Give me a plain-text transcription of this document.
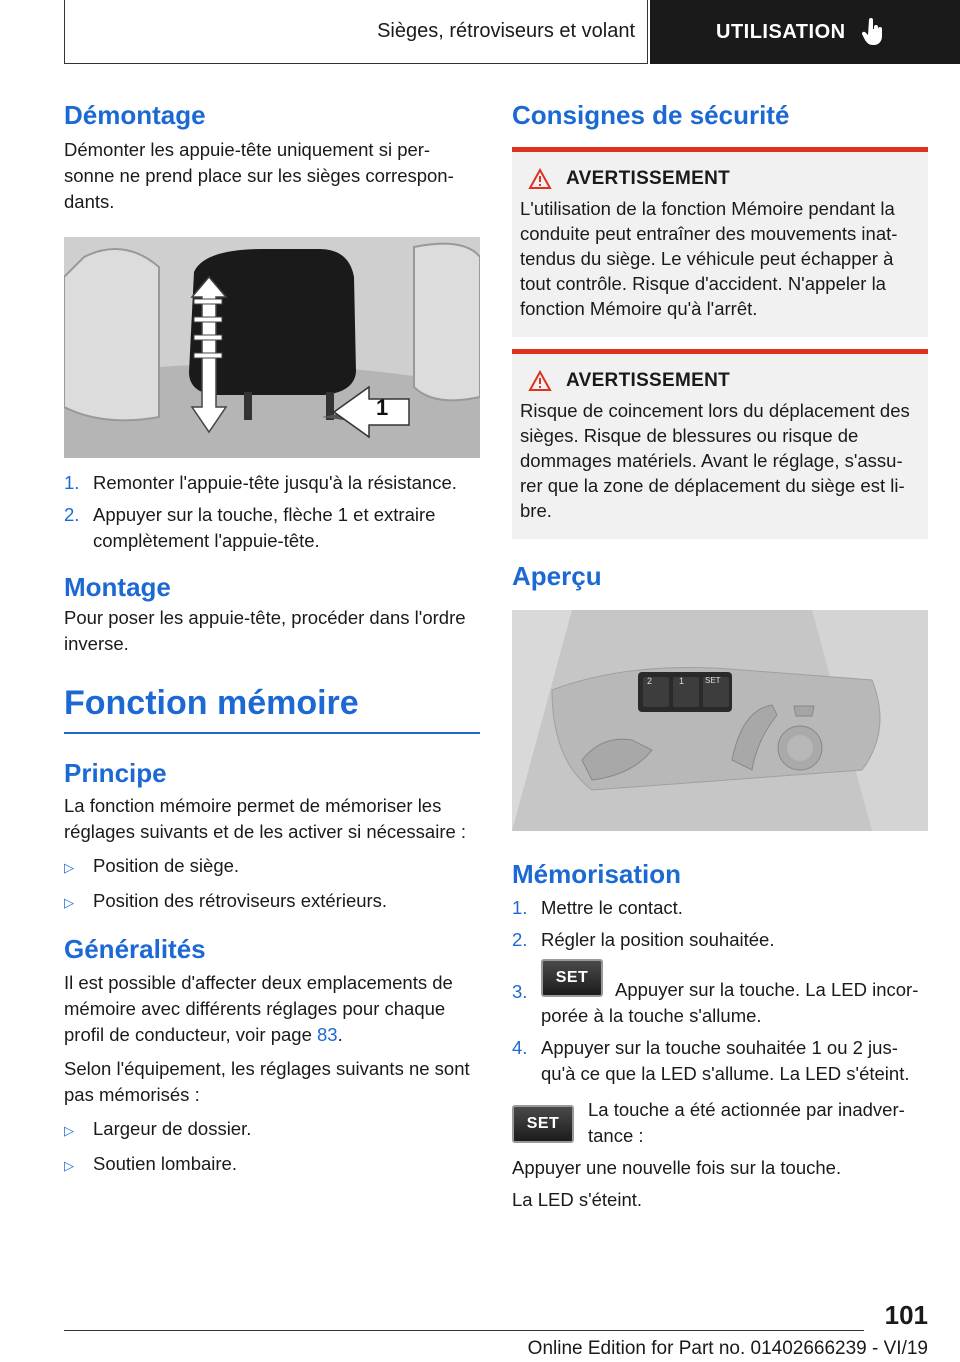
Sièges, rétroviseurs et volant	UTILISATION
Démontage

Démonter les appuie-tête uniquement si per-sonne ne prend place sur les sièges correspon-dants.

1
1. Remonter l'appuie-tête jusqu'à la résistance.
2. Appuyer sur la touche, flèche 1 et extraire complètement l'appuie-tête.
Montage

Pour poser les appuie-tête, procéder dans l'ordre inverse.

Fonction mémoire
Principe

La fonction mémoire permet de mémoriser les réglages suivants et de les activer si nécessaire :

▷	Position de siège.
▷	Position des rétroviseurs extérieurs.
Généralités

Il est possible d'affecter deux emplacements de mémoire avec différents réglages pour chaque profil de conducteur, voir page 83.

Selon l'équipement, les réglages suivants ne sont pas mémorisés :

▷	Largeur de dossier.
▷	Soutien lombaire.
Consignes de sécurité
AVERTISSEMENT

L'utilisation de la fonction Mémoire pendant la conduite peut entraîner des mouvements inat-tendus du siège. Le véhicule peut échapper à tout contrôle. Risque d'accident. N'appeler la fonction Mémoire qu'à l'arrêt.

AVERTISSEMENT

Risque de coincement lors du déplacement des sièges. Risque de blessures ou risque de dommages matériels. Avant le réglage, s'assu-rer que la zone de déplacement du siège est li-bre.

Aperçu
2	1	SET
Mémorisation
1. Mettre le contact.
2. Régler la position souhaitée.
3.
SET
Appuyer sur la touche. La LED incor-porée à la touche s'allume.
4. Appuyer sur la touche souhaitée 1 ou 2 jus-qu'à ce que la LED s'allume. La LED s'éteint.
SET

La touche a été actionnée par inadver-tance :

Appuyer une nouvelle fois sur la touche.

La LED s'éteint.

101
Online Edition for Part no. 01402666239 - VI/19
